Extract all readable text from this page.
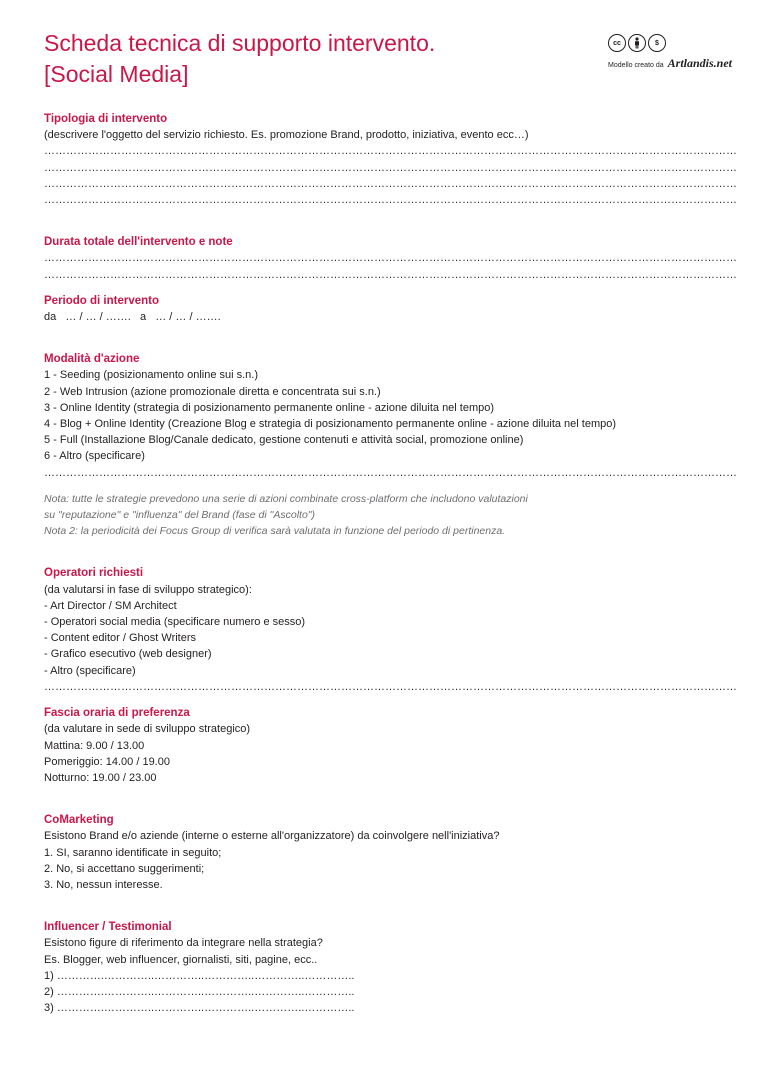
Scheda tecnica di supporto intervento.
[Social Media]
cc	$
Modello creato da Artlandis.net
Tipologia di intervento
(descrivere l'oggetto del servizio richiesto. Es. promozione Brand, prodotto, iniziativa, evento ecc…)
………………………………………………………………………………………………………………………………………………………………………
………………………………………………………………………………………………………………………………………………………………………
………………………………………………………………………………………………………………………………………………………………………
………………………………………………………………………………………………………………………………………………………………………
Durata totale dell'intervento e note
………………………………………………………………………………………………………………………………………………………………………
………………………………………………………………………………………………………………………………………………………………………
Periodo di intervento
da   … / … / …….   a   … / … / …….
Modalità d'azione
1 - Seeding (posizionamento online sui s.n.)
2 - Web Intrusion (azione promozionale diretta e concentrata sui s.n.)
3 - Online Identity (strategia di posizionamento permanente online - azione diluita nel tempo)
4 - Blog + Online Identity (Creazione Blog e strategia di posizionamento permanente online - azione diluita nel tempo)
5 - Full (Installazione Blog/Canale dedicato, gestione contenuti e attività social, promozione online)
6 - Altro (specificare)
………………………………………………………………………………………………………………………………………………………………………
Nota: tutte le strategie prevedono una serie di azioni combinate cross-platform che includono valutazioni
su "reputazione" e "influenza" del Brand (fase di "Ascolto")
Nota 2: la periodicità dei Focus Group di verifica sarà valutata in funzione del periodo di pertinenza.
Operatori richiesti
(da valutarsi in fase di sviluppo strategico):
- Art Director / SM Architect
- Operatori social media (specificare numero e sesso)
- Content editor / Ghost Writers
- Grafico esecutivo (web designer)
- Altro (specificare)
………………………………………………………………………………………………………………………………………………………………………
Fascia oraria di preferenza
(da valutare in sede di sviluppo strategico)
Mattina: 9.00 / 13.00
Pomeriggio: 14.00 / 19.00
Notturno: 19.00 / 23.00
CoMarketing
Esistono Brand e/o aziende (interne o esterne all'organizzatore) da coinvolgere nell'iniziativa?
1. SI, saranno identificate in seguito;
2. No, si accettano suggerimenti;
3. No, nessun interesse.
Influencer / Testimonial
Esistono figure di riferimento da integrare nella strategia?
Es. Blogger, web influencer, giornalisti, siti, pagine, ecc..
1) ………….…………..…………..…………..…………..…………..
2) ………….…………..…………..…………..…………..…………..
3) ………….…………..…………..…………..…………..…………..
